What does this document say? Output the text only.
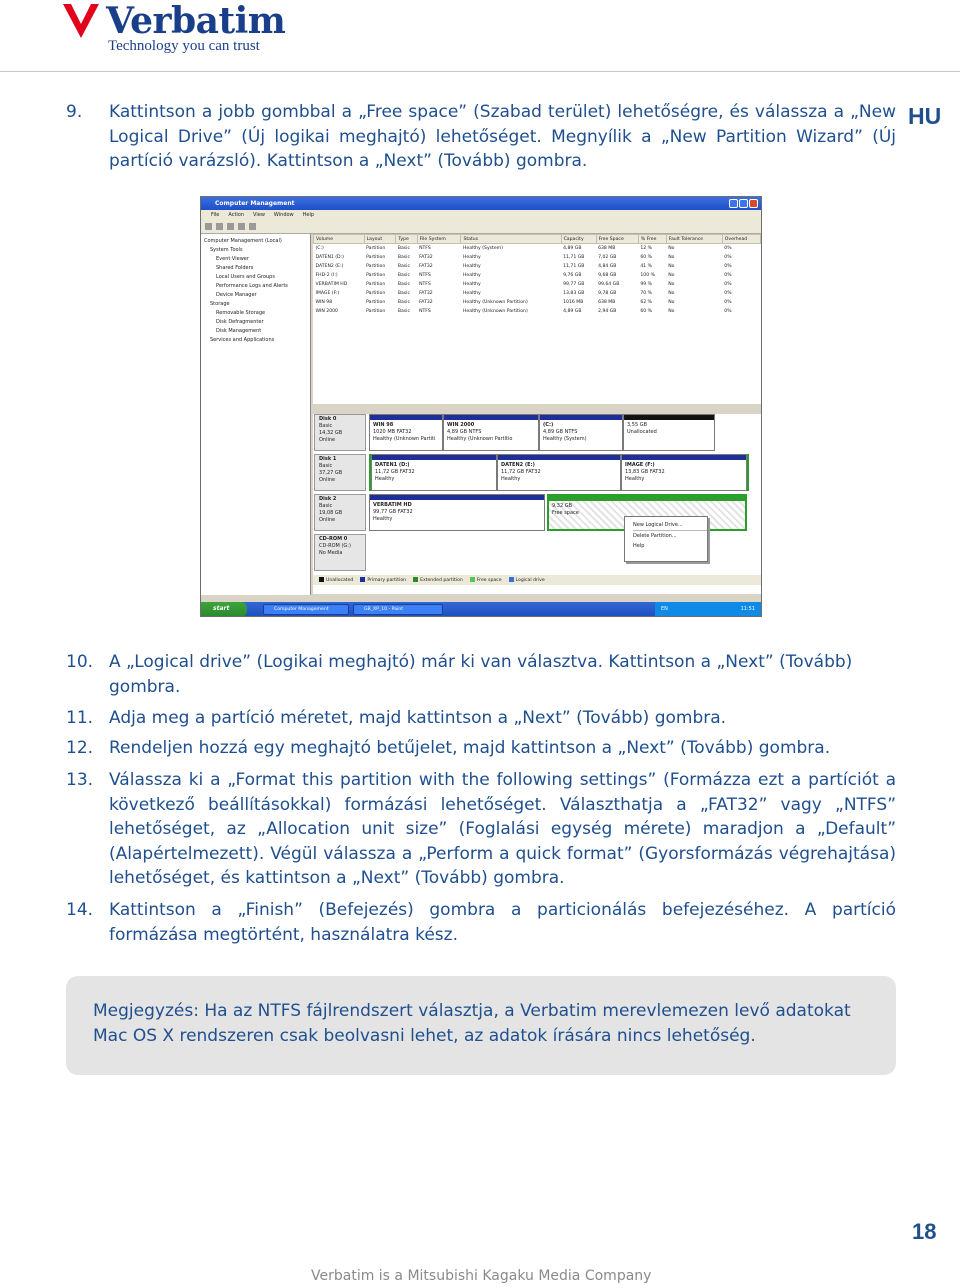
Verbatim
Technology you can trust
HU
9. Kattintson a jobb gombbal a „Free space” (Szabad terület) lehetőségre, és válassza a „New Logical Drive” (Új logikai meghajtó) lehetőséget. Megnyílik a „New Partition Wizard” (Új partíció varázsló). Kattintson a „Next” (Tovább) gombra.
Computer Management
File Action View Window Help
Computer Management (Local)
System Tools
Event Viewer
Shared Folders
Local Users and Groups
Performance Logs and Alerts
Device Manager
Storage
Removable Storage
Disk Defragmenter
Disk Management
Services and Applications
Volume	Layout	Type	File System	Status	Capacity	Free Space	% Free	Fault Tolerance	Overhead
(C:)	Partition	Basic	NTFS	Healthy (System)	4,89 GB	638 MB	12 %	No	0%
DATEN1 (D:)	Partition	Basic	FAT32	Healthy	11,71 GB	7,02 GB	60 %	No	0%
DATEN2 (E:)	Partition	Basic	FAT32	Healthy	11,71 GB	4,84 GB	41 %	No	0%
FHD-2 (I:)	Partition	Basic	NTFS	Healthy	9,76 GB	9,68 GB	100 %	No	0%
VERBATIM HD	Partition	Basic	NTFS	Healthy	99,77 GB	99,64 GB	99 %	No	0%
IMAGE (F:)	Partition	Basic	FAT32	Healthy	13,83 GB	9,78 GB	70 %	No	0%
WIN 98	Partition	Basic	FAT32	Healthy (Unknown Partition)	1016 MB	638 MB	62 %	No	0%
WIN 2000	Partition	Basic	NTFS	Healthy (Unknown Partition)	4,89 GB	2,94 GB	60 %	No	0%
Disk 0
Basic
14,32 GB
Online
WIN 98
1020 MB FAT32
Healthy (Unknown Partiti
WIN 2000
4,89 GB NTFS
Healthy (Unknown Partitio
(C:)
4,89 GB NTFS
Healthy (System)
3,55 GB
Unallocated
Disk 1
Basic
37,27 GB
Online
DATEN1 (D:)
11,72 GB FAT32
Healthy
DATEN2 (E:)
11,72 GB FAT32
Healthy
IMAGE (F:)
13,83 GB FAT32
Healthy
Disk 2
Basic
19,08 GB
Online
VERBATIM HD
99,77 GB FAT32
Healthy
9,32 GB
Free space
CD-ROM 0
CD-ROM (G:)
No Media
New Logical Drive...
Delete Partition...
Help
Unallocated	Primary partition	Extended partition	Free space	Logical drive
start	Computer Management	GB_XP_10 - Paint	EN	11:51
10. A „Logical drive” (Logikai meghajtó) már ki van választva. Kattintson a „Next” (Tovább) gombra.
11. Adja meg a partíció méretet, majd kattintson a „Next” (Tovább) gombra.
12. Rendeljen hozzá egy meghajtó betűjelet, majd kattintson a „Next” (Tovább) gombra.
13. Válassza ki a „Format this partition with the following settings” (Formázza ezt a partíciót a következő beállításokkal) formázási lehetőséget. Választhatja a „FAT32” vagy „NTFS” lehetőséget, az „Allocation unit size” (Foglalási egység mérete) maradjon a „Default” (Alapértelmezett). Végül válassza a „Perform a quick format” (Gyorsformázás végrehajtása) lehetőséget, és kattintson a „Next” (Tovább) gombra.
14. Kattintson a „Finish” (Befejezés) gombra a particionálás befejezéséhez. A partíció formázása megtörtént, használatra kész.
Megjegyzés: Ha az NTFS fájlrendszert választja, a Verbatim merevlemezen levő adatokat Mac OS X rendszeren csak beolvasni lehet, az adatok írására nincs lehetőség.
18
Verbatim is a Mitsubishi Kagaku Media Company
